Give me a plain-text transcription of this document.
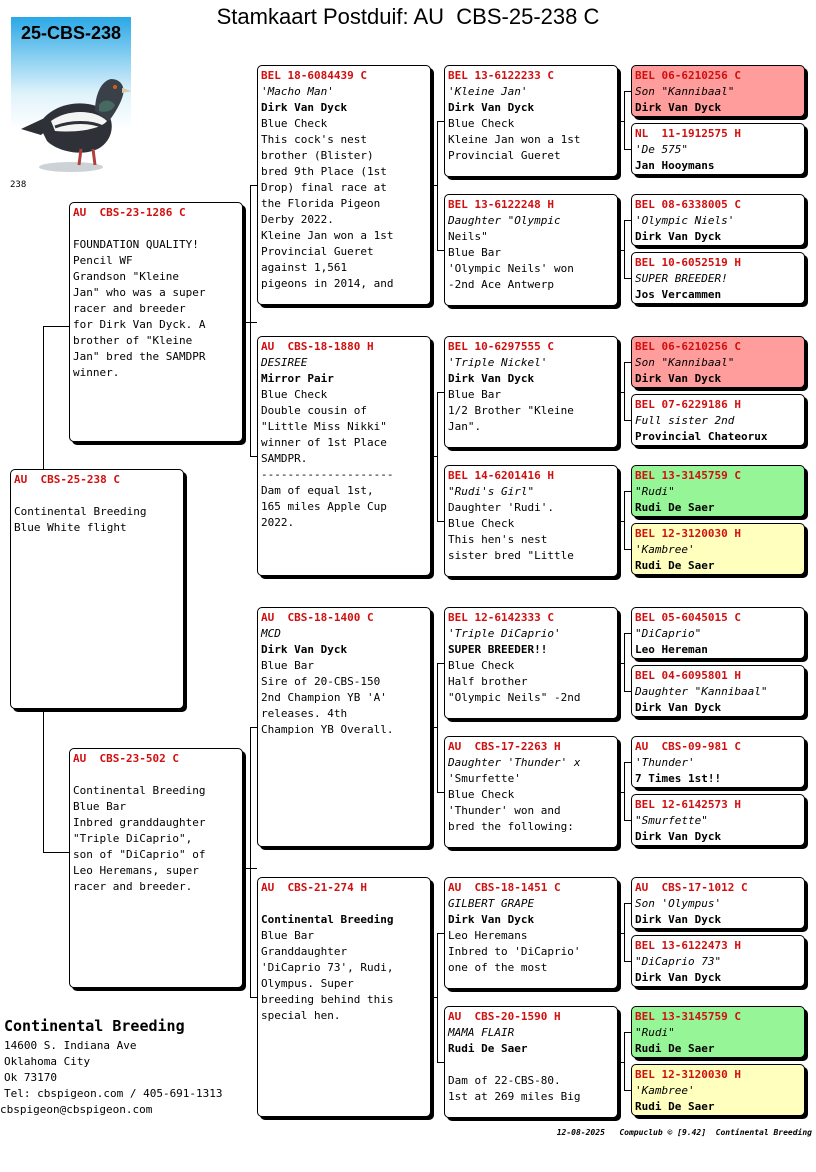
Stamkaart Postduif: AU  CBS-25-238 C
25-CBS-238
238
AU  CBS-25-238 C

Continental Breeding
Blue White flight
AU  CBS-23-1286 C

FOUNDATION QUALITY!
Pencil WF
Grandson "Kleine
Jan" who was a super
racer and breeder
for Dirk Van Dyck. A
brother of "Kleine
Jan" bred the SAMDPR
winner.
AU  CBS-23-502 C

Continental Breeding
Blue Bar
Inbred granddaughter
"Triple DiCaprio",
son of "DiCaprio" of
Leo Heremans, super
racer and breeder.
BEL 18-6084439 C
'Macho Man'
Dirk Van Dyck
Blue Check
This cock's nest
brother (Blister)
bred 9th Place (1st
Drop) final race at
the Florida Pigeon
Derby 2022.
Kleine Jan won a 1st
Provincial Gueret
against 1,561
pigeons in 2014, and
AU  CBS-18-1880 H
DESIREE
Mirror Pair
Blue Check
Double cousin of
"Little Miss Nikki"
winner of 1st Place
SAMDPR.
--------------------
Dam of equal 1st,
165 miles Apple Cup
2022.
AU  CBS-18-1400 C
MCD
Dirk Van Dyck
Blue Bar
Sire of 20-CBS-150
2nd Champion YB 'A'
releases. 4th
Champion YB Overall.
AU  CBS-21-274 H

Continental Breeding
Blue Bar
Granddaughter
'DiCaprio 73', Rudi,
Olympus. Super
breeding behind this
special hen.
BEL 13-6122233 C
'Kleine Jan'
Dirk Van Dyck
Blue Check
Kleine Jan won a 1st
Provincial Gueret
BEL 13-6122248 H
Daughter "Olympic
Neils"
Blue Bar
'Olympic Neils' won
-2nd Ace Antwerp
BEL 10-6297555 C
'Triple Nickel'
Dirk Van Dyck
Blue Bar
1/2 Brother "Kleine
Jan".
BEL 14-6201416 H
"Rudi's Girl"
Daughter 'Rudi'.
Blue Check
This hen's nest
sister bred "Little
BEL 12-6142333 C
'Triple DiCaprio'
SUPER BREEDER!!
Blue Check
Half brother
"Olympic Neils" -2nd
AU  CBS-17-2263 H
Daughter 'Thunder' x
'Smurfette'
Blue Check
'Thunder' won and
bred the following:
AU  CBS-18-1451 C
GILBERT GRAPE
Dirk Van Dyck
Leo Heremans
Inbred to 'DiCaprio'
one of the most
AU  CBS-20-1590 H
MAMA FLAIR
Rudi De Saer

Dam of 22-CBS-80.
1st at 269 miles Big
BEL 06-6210256 C
Son "Kannibaal"
Dirk Van Dyck
NL  11-1912575 H
'De 575"
Jan Hooymans
BEL 08-6338005 C
'Olympic Niels'
Dirk Van Dyck
BEL 10-6052519 H
SUPER BREEDER!
Jos Vercammen
BEL 06-6210256 C
Son "Kannibaal"
Dirk Van Dyck
BEL 07-6229186 H
Full sister 2nd
Provincial Chateorux
BEL 13-3145759 C
"Rudi"
Rudi De Saer
BEL 12-3120030 H
'Kambree'
Rudi De Saer
BEL 05-6045015 C
"DiCaprio"
Leo Hereman
BEL 04-6095801 H
Daughter "Kannibaal"
Dirk Van Dyck
AU  CBS-09-981 C
'Thunder'
7 Times 1st!!
BEL 12-6142573 H
"Smurfette"
Dirk Van Dyck
AU  CBS-17-1012 C
Son 'Olympus'
Dirk Van Dyck
BEL 13-6122473 H
"DiCaprio 73"
Dirk Van Dyck
BEL 13-3145759 C
"Rudi"
Rudi De Saer
BEL 12-3120030 H
'Kambree'
Rudi De Saer
Continental Breeding
14600 S. Indiana Ave
Oklahoma City
Ok 73170
Tel: cbspigeon.com / 405-691-1313
cbspigeon@cbspigeon.com
12-08-2025   Compuclub © [9.42]  Continental Breeding
